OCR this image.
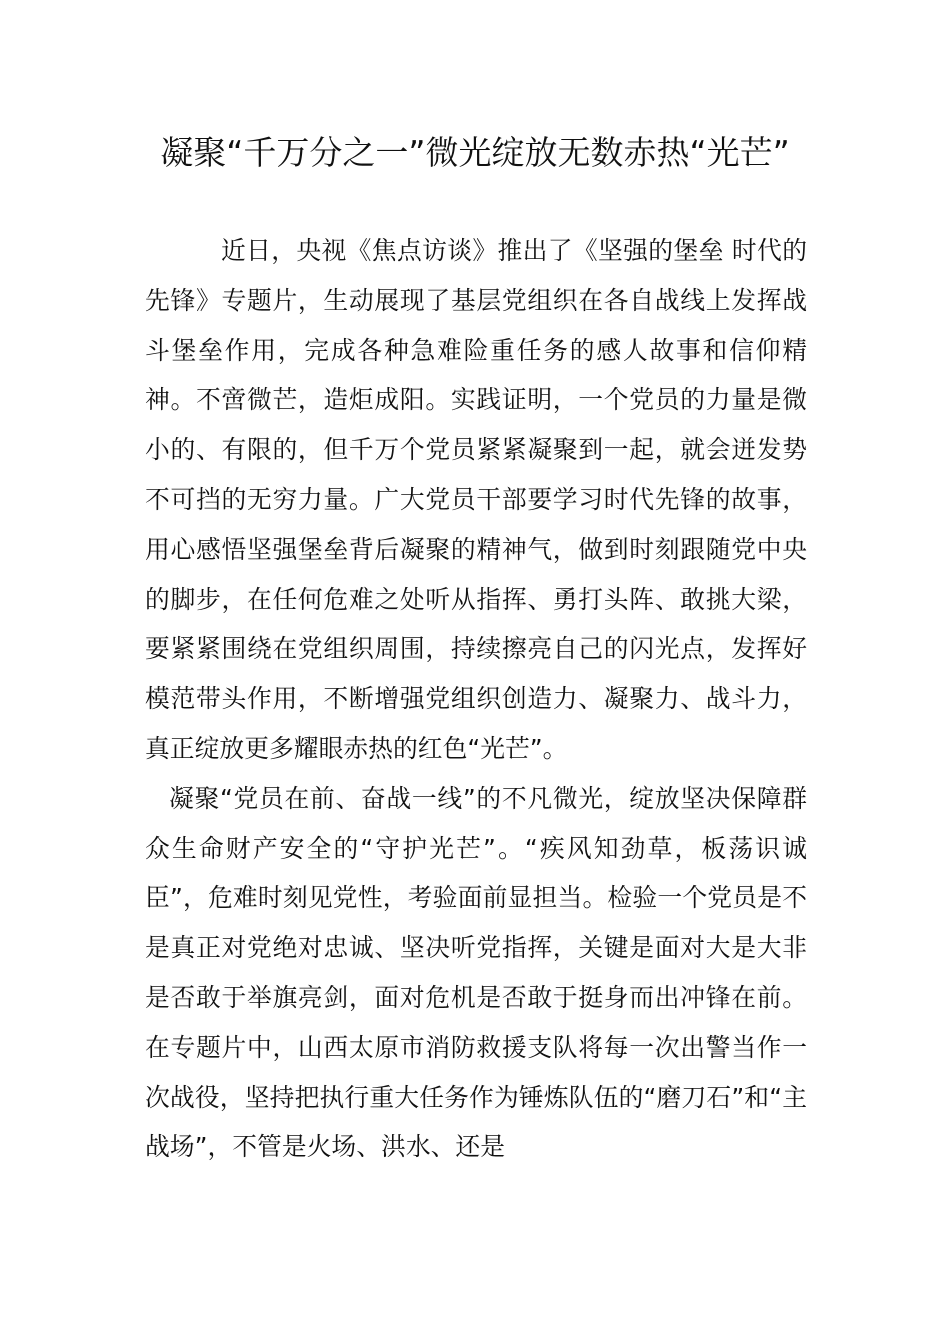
凝聚“千万分之一”微光绽放无数赤热“光芒”

近日，央视《焦点访谈》推出了《坚强的堡垒 时代的先锋》专题片，生动展现了基层党组织在各自战线上发挥战斗堡垒作用，完成各种急难险重任务的感人故事和信仰精神。不啻微芒，造炬成阳。实践证明，一个党员的力量是微小的、有限的，但千万个党员紧紧凝聚到一起，就会迸发势不可挡的无穷力量。广大党员干部要学习时代先锋的故事，用心感悟坚强堡垒背后凝聚的精神气，做到时刻跟随党中央的脚步，在任何危难之处听从指挥、勇打头阵、敢挑大梁，要紧紧围绕在党组织周围，持续擦亮自己的闪光点，发挥好模范带头作用，不断增强党组织创造力、凝聚力、战斗力，真正绽放更多耀眼赤热的红色“光芒”。

凝聚“党员在前、奋战一线”的不凡微光，绽放坚决保障群众生命财产安全的“守护光芒”。“疾风知劲草，板荡识诚臣”，危难时刻见党性，考验面前显担当。检验一个党员是不是真正对党绝对忠诚、坚决听党指挥，关键是面对大是大非是否敢于举旗亮剑，面对危机是否敢于挺身而出冲锋在前。在专题片中，山西太原市消防救援支队将每一次出警当作一次战役，坚持把执行重大任务作为锤炼队伍的“磨刀石”和“主战场”，不管是火场、洪水、还是
